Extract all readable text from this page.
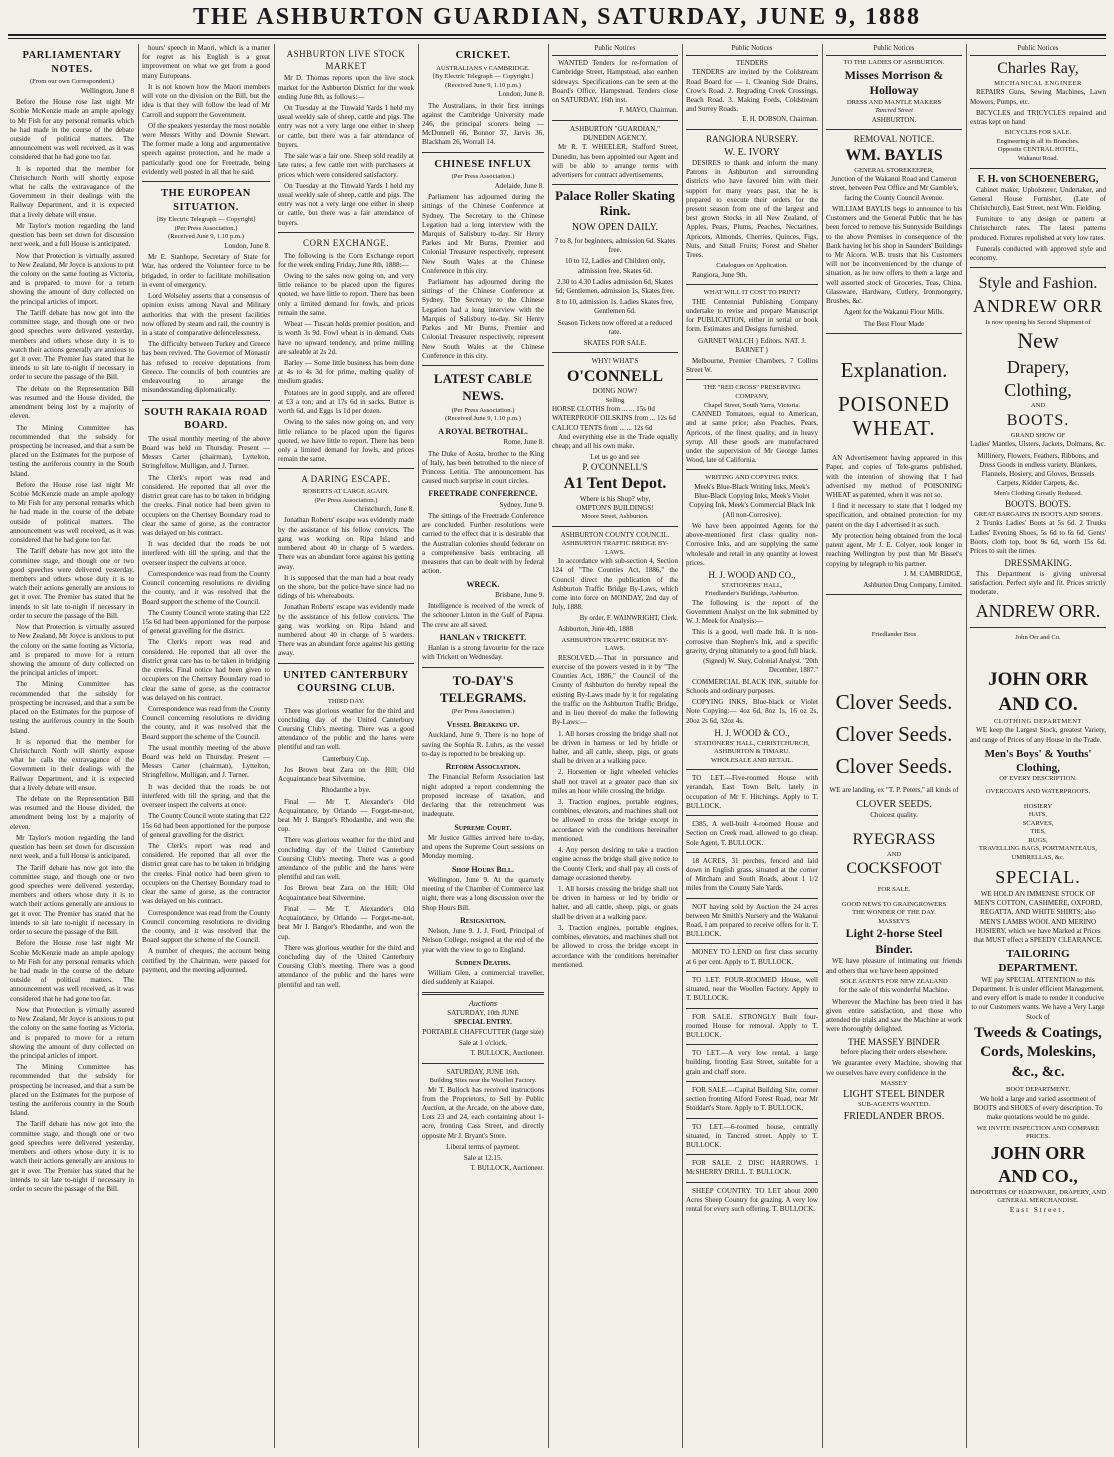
THE ASHBURTON GUARDIAN, SATURDAY, JUNE 9, 1888
PARLIAMENTARY NOTES.
(From our own Correspondent.)

Wellington, June 8

Before the House rose last night Mr Scobie McKenzie made an ample apology to Mr Fish for any personal remarks which he had made in the course of the debate outside of political matters. The announcement was well received, as it was considered that he had gone too far.

It is reported that the member for Christchurch North will shortly expose what he calls the extravagance of the Government in their dealings with the Railway Department, and it is expected that a lively debate will ensue.

Mr Taylor's motion regarding the land question has been set down for discussion next week, and a full House is anticipated.

Now that Protection is virtually assured to New Zealand, Mr Joyce is anxious to put the colony on the same footing as Victoria, and is prepared to move for a return showing the amount of duty collected on the principal articles of import.

The Tariff debate has now got into the committee stage, and though one or two good speeches were delivered yesterday, members and others whose duty it is to watch their actions generally are anxious to get it over. The Premier has stated that he intends to sit late to-night if necessary in order to secure the passage of the Bill.

The debate on the Representation Bill was resumed and the House divided, the amendment being lost by a majority of eleven.

The Mining Committee has recommended that the subsidy for prospecting be increased, and that a sum be placed on the Estimates for the purpose of testing the auriferous country in the South Island.

Before the House rose last night Mr Scobie McKenzie made an ample apology to Mr Fish for any personal remarks which he had made in the course of the debate outside of political matters. The announcement was well received, as it was considered that he had gone too far.

The Tariff debate has now got into the committee stage, and though one or two good speeches were delivered yesterday, members and others whose duty it is to watch their actions generally are anxious to get it over. The Premier has stated that he intends to sit late to-night if necessary in order to secure the passage of the Bill.

Now that Protection is virtually assured to New Zealand, Mr Joyce is anxious to put the colony on the same footing as Victoria, and is prepared to move for a return showing the amount of duty collected on the principal articles of import.

The Mining Committee has recommended that the subsidy for prospecting be increased, and that a sum be placed on the Estimates for the purpose of testing the auriferous country in the South Island.

It is reported that the member for Christchurch North will shortly expose what he calls the extravagance of the Government in their dealings with the Railway Department, and it is expected that a lively debate will ensue.

The debate on the Representation Bill was resumed and the House divided, the amendment being lost by a majority of eleven.

Mr Taylor's motion regarding the land question has been set down for discussion next week, and a full House is anticipated.

The Tariff debate has now got into the committee stage, and though one or two good speeches were delivered yesterday, members and others whose duty it is to watch their actions generally are anxious to get it over. The Premier has stated that he intends to sit late to-night if necessary in order to secure the passage of the Bill.

Before the House rose last night Mr Scobie McKenzie made an ample apology to Mr Fish for any personal remarks which he had made in the course of the debate outside of political matters. The announcement was well received, as it was considered that he had gone too far.

Now that Protection is virtually assured to New Zealand, Mr Joyce is anxious to put the colony on the same footing as Victoria, and is prepared to move for a return showing the amount of duty collected on the principal articles of import.

The Mining Committee has recommended that the subsidy for prospecting be increased, and that a sum be placed on the Estimates for the purpose of testing the auriferous country in the South Island.

The Tariff debate has now got into the committee stage, and though one or two good speeches were delivered yesterday, members and others whose duty it is to watch their actions generally are anxious to get it over. The Premier has stated that he intends to sit late to-night if necessary in order to secure the passage of the Bill.

hours' speech in Maori, which is a matter for regret as his English is a great improvement on what we get from a good many Europeans.

It is not known how the Maori members will vote on the division on the Bill, but the idea is that they will follow the lead of Mr Carroll and support the Government.

Of the speakers yesterday the most notable were Messrs Withy and Downie Stewart. The former made a long and argumentative speech against protection, and he made a particularly good one for Freetrade, being evidently well posted in all that he said.

THE EUROPEAN SITUATION.
[By Electric Telegraph — Copyright]
(Per Press Association.)
(Received June 9, 1.10 p.m.)

London, June 8.

Mr E. Stanhope, Secretary of State for War, has ordered the Volunteer force to be brigaded, in order to facilitate mobilisation in event of emergency.

Lord Wolseley asserts that a consensus of opinion exists among Naval and Military authorities that with the present facilities now offered by steam and rail, the country is in a state of comparative defencelessness.

The difficulty between Turkey and Greece has been revived. The Governor of Monastir has refused to receive deputations from Greece. The councils of both countries are endeavouring to arrange the misunderstanding diplomatically.

SOUTH RAKAIA ROAD BOARD.

The usual monthly meeting of the above Board was held on Thursday. Present — Messrs Carter (chairman), Lyttelton, Stringfellow, Mulligan, and J. Turner.

The Clerk's report was read and considered. He reported that all over the district great care has to be taken in bridging the creeks. Final notice had been given to occupiers on the Chertsey Boundary road to clear the same of gorse, as the contractor was delayed on his contract.

It was decided that the roads be not interfered with till the spring, and that the overseer inspect the culverts at once.

Correspondence was read from the County Council concerning resolutions re dividing the county, and it was resolved that the Board support the scheme of the Council.

The County Council wrote stating that £22 15s 6d had been apportioned for the purpose of general gravelling for the district.

The Clerk's report was read and considered. He reported that all over the district great care has to be taken in bridging the creeks. Final notice had been given to occupiers on the Chertsey Boundary road to clear the same of gorse, as the contractor was delayed on his contract.

Correspondence was read from the County Council concerning resolutions re dividing the county, and it was resolved that the Board support the scheme of the Council.

The usual monthly meeting of the above Board was held on Thursday. Present — Messrs Carter (chairman), Lyttelton, Stringfellow, Mulligan, and J. Turner.

It was decided that the roads be not interfered with till the spring, and that the overseer inspect the culverts at once.

The County Council wrote stating that £22 15s 6d had been apportioned for the purpose of general gravelling for the district.

The Clerk's report was read and considered. He reported that all over the district great care has to be taken in bridging the creeks. Final notice had been given to occupiers on the Chertsey Boundary road to clear the same of gorse, as the contractor was delayed on his contract.

Correspondence was read from the County Council concerning resolutions re dividing the county, and it was resolved that the Board support the scheme of the Council.

A number of cheques, the account being certified by the Chairman, were passed for payment, and the meeting adjourned.

ASHBURTON LIVE STOCK MARKET

Mr D. Thomas reports upon the live stock market for the Ashburton District for the week ending June 8th, as follows:—

On Tuesday at the Tinwald Yards I held my usual weekly sale of sheep, cattle and pigs. The entry was not a very large one either in sheep or cattle, but there was a fair attendance of buyers.

The sale was a fair one. Sheep sold readily at late rates; a few cattle met with purchasers at prices which were considered satisfactory.

On Tuesday at the Tinwald Yards I held my usual weekly sale of sheep, cattle and pigs. The entry was not a very large one either in sheep or cattle, but there was a fair attendance of buyers.

CORN EXCHANGE.

The following is the Corn Exchange report for the week ending Friday, June 8th, 1888:—

Owing to the sales now going on, and very little reliance to be placed upon the figures quoted, we have little to report. There has been only a limited demand for fowls, and prices remain the same.

Wheat — Tuscan holds premier position, and is worth 3s 9d. Fowl wheat is in demand. Oats have no upward tendency, and prime milling are saleable at 2s 2d.

Barley — Some little business has been done at 4s to 4s 3d for prime, malting quality of medium grades.

Potatoes are in good supply, and are offered at £3 a ton; and at 17s 6d in sacks. Butter is worth 6d, and Eggs 1s 1d per dozen.

Owing to the sales now going on, and very little reliance to be placed upon the figures quoted, we have little to report. There has been only a limited demand for fowls, and prices remain the same.

A DARING ESCAPE.
ROBERTS AT LARGE AGAIN.
(Per Press Association.)

Christchurch, June 8.

Jonathan Roberts' escape was evidently made by the assistance of his fellow convicts. The gang was working on Ripa Island and numbered about 40 in charge of 5 warders. There was an abundant force against his getting away.

It is supposed that the man had a boat ready on the shore, but the police have since had no tidings of his whereabouts.

Jonathan Roberts' escape was evidently made by the assistance of his fellow convicts. The gang was working on Ripa Island and numbered about 40 in charge of 5 warders. There was an abundant force against his getting away.

UNITED CANTERBURY COURSING CLUB.
THIRD DAY.

There was glorious weather for the third and concluding day of the United Canterbury Coursing Club's meeting. There was a good attendance of the public and the hares were plentiful and ran well.

Canterbury Cup.

Jos Brown beat Zara on the Hill; Old Acquaintance beat Silvermine.

Rhodanthe a bye.

Final — Mr T. Alexander's Old Acquaintance, by Orlando — Forget-me-not, beat Mr J. Bangor's Rhodanthe, and won the cup.

There was glorious weather for the third and concluding day of the United Canterbury Coursing Club's meeting. There was a good attendance of the public and the hares were plentiful and ran well.

Jos Brown beat Zara on the Hill; Old Acquaintance beat Silvermine.

Final — Mr T. Alexander's Old Acquaintance, by Orlando — Forget-me-not, beat Mr J. Bangor's Rhodanthe, and won the cup.

There was glorious weather for the third and concluding day of the United Canterbury Coursing Club's meeting. There was a good attendance of the public and the hares were plentiful and ran well.

CRICKET.
AUSTRALIANS v CAMBRIDGE.
[By Electric Telegraph — Copyright.]
(Received June 9, 1.10 p.m.)

London, June 8.

The Australians, in their first innings against the Cambridge University made 246, the principal scorers being — McDonnell 66, Bonnor 37, Jarvis 36, Blackham 26, Worrall 14.

CHINESE INFLUX
(Per Press Association.)

Adelaide, June 8.

Parliament has adjourned during the sittings of the Chinese Conference at Sydney. The Secretary to the Chinese Legation had a long interview with the Marquis of Salisbury to-day. Sir Henry Parkes and Mr Burns, Premier and Colonial Treasurer respectively, represent New South Wales at the Chinese Conference in this city.

Parliament has adjourned during the sittings of the Chinese Conference at Sydney. The Secretary to the Chinese Legation had a long interview with the Marquis of Salisbury to-day. Sir Henry Parkes and Mr Burns, Premier and Colonial Treasurer respectively, represent New South Wales at the Chinese Conference in this city.

LATEST CABLE NEWS.
(Per Press Association.)
(Received June 9, 1.10 p.m.)
A ROYAL BETROTHAL.

Rome, June 8.

The Duke of Aosta, brother to the King of Italy, has been betrothed to the niece of Princess Letitia. The announcement has caused much surprise in court circles.

FREETRADE CONFERENCE.

Sydney, June 9.

The sittings of the Freetrade Conference are concluded. Further resolutions were carried to the effect that it is desirable that the Australian colonies should federate on a comprehensive basis embracing all measures that can be dealt with by federal action.

WRECK.

Brisbane, June 9.

Intelligence is received of the wreck of the schooner Linton in the Gulf of Papua. The crew are all saved.

HANLAN v TRICKETT.

Hanlan is a strong favourite for the race with Trickett on Wednesday.

TO-DAY'S TELEGRAMS.
(Per Press Association.)
Vessel Breaking up.

Auckland, June 9. There is no hope of saving the Sophia R. Luhrs, as the vessel to-day is reported to be breaking up.

Reform Association.

The Financial Reform Association last night adopted a report condemning the proposed increase of taxation, and declaring that the retrenchment was inadequate.

Supreme Court.

Mr Justice Gillies arrived here to-day, and opens the Supreme Court sessions on Monday morning.

Shop Hours Bill.

Wellington, June 9. At the quarterly meeting of the Chamber of Commerce last night, there was a long discussion over the Shop Hours Bill.

Resignation.

Nelson, June 9. J. J. Ford, Principal of Nelson College, resigned at the end of the year with the view to go to England.

Sudden Deaths.

William Glen, a commercial traveller, died suddenly at Kaiapoi.

Auctions
SATURDAY, 10th JUNE
SPECIAL ENTRY.

PORTABLE CHAFFCUTTER (large size)

Sale at 1 o'clock.

T. BULLOCK, Auctioneer.

SATURDAY, JUNE 16th.
Building Sites near the Woollen Factory.

Mr T. Bullock has received instructions from the Proprietors, to Sell by Public Auction, at the Arcade, on the above date, Lots 23 and 24, each containing about 1-acre, fronting Cass Street, and directly opposite Mr J. Bryant's Store.

Liberal terms of payment.

Sale at 12.15.

T. BULLOCK, Auctioneer.

Public Notices

WANTED Tenders for re-formation of Cambridge Street, Hampstead, also earthen sideways. Specifications can be seen at the Board's Office, Hampstead. Tenders close on SATURDAY, 16th inst.

F. MAYO, Chairman.

ASHBURTON "GUARDIAN,"
DUNEDIN AGENCY.

Mr R. T. WHEELER, Stafford Street, Dunedin, has been appointed our Agent and will be able to arrange terms with advertisers for contract advertisements.

Palace Roller Skating Rink.
NOW OPEN DAILY.

7 to 8, for beginners, admission 6d. Skates free.

10 to 12, Ladies and Children only, admission free, Skates 6d.

2.30 to 4.30 Ladies admission 6d, Skates 6d; Gentlemen, admission 1s, Skates free.

8 to 10, admission 1s. Ladies Skates free, Gentlemen 6d.

Season Tickets now offered at a reduced rate.

SKATES FOR SALE.
WHY! WHAT'S
O'CONNELL
DOING NOW?
Selling
HORSE CLOTHS from ... ... 15s 0d
WATERPROOF OILSKINS from ... 12s 6d
CALICO TENTS from ... ... 12s 6d

And everything else in the Trade equally cheap; and all his own make.

Let us go and see
P. O'CONNELL'S
A1 Tent Depot.
Where is his Shop? why,
OMPTON'S BUILDINGS!
Moore Street, Ashburton.
ASHBURTON COUNTY COUNCIL.
ASHBURTON TRAFFIC BRIDGE BY-LAWS.

In accordance with sub-section 4, Section 124 of "The Counties Act, 1886," the Council direct the publication of the Ashburton Traffic Bridge By-Laws, which come into force on MONDAY, 2nd day of July, 1888.

By order, F. WAINWRIGHT, Clerk.

Ashburton, June 4th, 1888

ASHBURTON TRAFFIC BRIDGE BY-LAWS.

RESOLVED.—That in pursuance and exercise of the powers vested in it by "The Counties Act, 1886," the Council of the County of Ashburton do hereby repeal the existing By-Laws made by it for regulating the traffic on the Ashburton Traffic Bridge, and in lieu thereof do make the following By-Laws:—

1. All horses crossing the bridge shall not be driven in harness or led by bridle or halter, and all cattle, sheep, pigs, or goats shall be driven at a walking pace.

2. Horsemen or light wheeled vehicles shall not travel at a greater pace than six miles an hour while crossing the bridge.

3. Traction engines, portable engines, combines, elevators, and machines shall not be allowed to cross the bridge except in accordance with the conditions hereinafter mentioned.

4. Any person desiring to take a traction engine across the bridge shall give notice to the County Clerk, and shall pay all costs of damage occasioned thereby.

1. All horses crossing the bridge shall not be driven in harness or led by bridle or halter, and all cattle, sheep, pigs, or goats shall be driven at a walking pace.

3. Traction engines, portable engines, combines, elevators, and machines shall not be allowed to cross the bridge except in accordance with the conditions hereinafter mentioned.

Public Notices
TENDERS

TENDERS are invited by the Coldstream Road Board for — 1. Cleaning Side Drains, Crow's Road. 2. Regrading Creek Crossings, Beach Road. 3. Making Fords, Coldstream and Surrey Roads.

E. H. DOBSON, Chairman.

RANGIORA NURSERY.
W. E. IVORY

DESIRES to thank and inform the many Patrons in Ashburton and surrounding districts who have favored him with their support for many years past, that he is prepared to execute their orders for the present season from one of the largest and best grown Stocks in all New Zealand, of Apples, Pears, Plums, Peaches, Nectarines, Apricots, Almonds, Cherries, Quinces, Figs, Nuts, and Small Fruits; Forest and Shelter Trees.

Catalogues on Application.

Rangiora, June 9th.

WHAT WILL IT COST TO PRINT?

THE Centennial Publishing Company undertake to revise and prepare Manuscript for PUBLICATION, either in serial or book form. Estimates and Designs furnished.

GARNET WALCH } Editors. NAT. J. BARNET }

Melbourne, Premier Chambers, 7 Collins Street W.

THE "RED CROSS" PRESERVING COMPANY,
Chapel Street, South Yarra, Victoria.

CANNED Tomatoes, equal to American, and at same price; also Peaches, Pears, Apricots, of the finest quality, and in heavy syrup. All these goods are manufactured under the supervision of Mr George James Wood, late of California.

WRITING AND COPYING INKS.

Meek's Blue-Black Writing Inks, Meek's Blue-Black Copying Inks, Meek's Violet Copying Ink, Meek's Commercial Black Ink (All non-Corrosive).

We have been appointed Agents for the above-mentioned first class quality non-Corrosive Inks, and are supplying the same wholesale and retail in any quantity at lowest prices.

H. J. WOOD AND CO.,
STATIONERS' HALL,
Friedlander's Buildings, Ashburton.

The following is the report of the Government Analyst on the Ink submitted by W. J. Meek for Analysis:—

This is a good, well made Ink. It is non-corrosive than Stephen's Ink, and a specific gravity, drying ultimately to a good full black.

(Signed) W. Skey, Colonial Analyst. "20th December, 1887."

COMMERCIAL BLACK INK, suitable for Schools and ordinary purposes.

COPYING INKS, Blue-black or Violet Note Copying:— 4oz 6d, 8oz 1s, 16 oz 2s, 20oz 2s 6d, 32oz 4s.

H. J. WOOD & CO.,
STATIONERS' HALL, CHRISTCHURCH, ASHBURTON & TIMARU.
WHOLESALE AND RETAIL.

TO LET.—Five-roomed House with verandah, East Town Belt, lately in occupation of Mr F. Hitchings. Apply to T. BULLOCK.

£385, A well-built 4-roomed House and Section on Creek road, allowed to go cheap. Sole Agent, T. BULLOCK.

18 ACRES, 31 perches, fenced and laid down in English grass, situated at the corner of Mitcham and South Roads, about 1 1/2 miles from the County Sale Yards.

NOT having sold by Auction the 24 acres between Mr Smith's Nursery and the Wakanui Road, I am prepared to receive offers for it. T. BULLOCK.

MONEY TO LEND on first class security at 6 per cent. Apply to T. BULLOCK.

TO LET. FOUR-ROOMED House, well situated, near the Woollen Factory. Apply to T. BULLOCK.

FOR SALE. STRONGLY Built four-roomed House for removal. Apply to T. BULLOCK.

TO LET.—A very low rental, a large building, fronting East Street, suitable for a grain and chaff store.

FOR SALE.—Capital Building Site, corner section fronting Alford Forest Road, near Mr Stoddart's Store. Apply to T. BULLOCK.

TO LET.—6-roomed house, centrally situated, in Tancred street. Apply to T. BULLOCK.

FOR SALE. 2 DISC HARROWS. 1 McSHERRY DRILL. T. BULLOCK.

SHEEP COUNTRY. TO LET about 2000 Acres Sheep Country for grazing. A very low rental for every such offering. T. BULLOCK.

Public Notices
TO THE LADIES OF ASHBURTON.
Misses Morrison & Holloway
DRESS AND MANTLE MAKERS
Tancred Street
ASHBURTON.
REMOVAL NOTICE.
WM. BAYLIS
GENERAL STOREKEEPER,

Junction of the Wakanui Road and Cameron street, between Post Office and Mr Gamble's, facing the County Council Avenue.

WILLIAM BAYLIS begs to announce to his Customers and the General Public that he has been forced to remove his Sunnyside Buildings to the above Premises in consequence of the Bank having let his shop in Saunders' Buildings to Mr Alcorn. W.B. trusts that his Customers will not be inconvenienced by the change of situation, as he now offers to them a large and well assorted stock of Groceries, Teas, China, Glassware, Hardware, Cutlery, Ironmongery, Brushes, &c.

Agent for the Wakanui Flour Mills.

The Best Flour Made

Explanation.
POISONED WHEAT.

AN Advertisement having appeared in this Paper, and copies of Tele-grams published, with the intention of showing that I had advertised my method of POISONING WHEAT as patented, when it was not so.

I find it necessary to state that I lodged my specification, and obtained protection for my patent on the day I advertised it as such.

My protection being obtained from the local patent agent, Mr J. E. Colyer, took longer in reaching Wellington by post than Mr Bisset's copying by telegraph to his partner.

J. M. CAMBRIDGE,

Ashburton Drug Company, Limited.

Friedlander Bros
Clover Seeds.
Clover Seeds.
Clover Seeds.

WE are landing, ex "T. P. Peters," all kinds of

CLOVER SEEDS.

Choicest quality.

RYEGRASS
AND
COCKSFOOT
FOR SALE.
GOOD NEWS TO GRAINGROWERS
THE WONDER OF THE DAY.
MASSEY'S
Light 2-horse Steel Binder.

WE have pleasure of intimating our friends and others that we have been appointed

SOLE AGENTS FOR NEW ZEALAND

for the sale of this wonderful Machine.

Wherever the Machine has been tried it has given entire satisfaction, and those who attended the trials and saw the Machine at work were thoroughly delighted.

THE MASSEY BINDER

before placing their orders elsewhere.

We guarantee every Machine, showing that we ourselves have every confidence in the

MASSEY
LIGHT STEEL BINDER
SUB-AGENTS WANTED.
FRIEDLANDER BROS.
Public Notices
Charles Ray,
MECHANICAL ENGINEER

REPAIRS Guns, Sewing Machines, Lawn Mowers, Pumps, etc.

BICYCLES and TRICYCLES repaired and extras kept on hand

BICYCLES FOR SALE.
Engineering in all its Branches.
Opposite CENTRAL HOTEL,
Wakanui Road.
F. H. von SCHOENEBERG,

Cabinet maker, Upholsterer, Undertaker, and General House Furnisher, (Late of Christchurch), East Street, next Wm. Fielding.

Furniture to any design or pattern at Christchurch rates. The latest patterns produced. Fixtures repolished at very low rates.

Funerals conducted with approved style and economy.

Style and Fashion.
ANDREW ORR
Is now opening his Second Shipment of
New
Drapery,
Clothing,
AND
BOOTS.
GRAND SHOW OF

Ladies' Mantles, Ulsters, Jackets, Dolmans, &c.

Millinery, Flowers, Feathers, Ribbons, and Dress Goods in endless variety. Blankets, Flannels, Hosiery, and Gloves, Brussels Carpets, Kidder Carpets, &c.

Men's Clothing Greatly Reduced.
BOOTS. BOOTS.
GREAT BARGAINS IN BOOTS AND SHOES.

2 Trunks Ladies' Boots at 5s 6d. 2 Trunks Ladies' Evening Shoes, 5s 6d to 6s 6d. Gents' Boots, cloth top, boot 9s 6d, worth 15s 6d. Prices to suit the times.

DRESSMAKING.

This Department is giving universal satisfaction. Perfect style and fit. Prices strictly moderate.

ANDREW ORR.
John Orr and Co.
JOHN ORR AND CO.
CLOTHING DEPARTMENT

WE keep the Largest Stock, greatest Variety, and range of Prices of any House in the Trade.

Men's Boys' & Youths' Clothing,
OF EVERY DESCRIPTION.
OVERCOATS AND WATERPROOFS.
HOSIERY
HATS,
SCARVES,
TIES,
RUGS,
TRAVELLING BAGS, PORTMANTEAUS, UMBRELLAS, &c.
SPECIAL.

WE HOLD AN IMMENSE STOCK OF MEN'S COTTON, CASHMERE, OXFORD, REGATTA, AND WHITE SHIRTS; also MEN'S LAMBS WOOL AND MERINO HOSIERY, which we have Marked at Prices that MUST effect a SPEEDY CLEARANCE.

TAILORING DEPARTMENT.

WE pay SPECIAL ATTENTION to this Department. It is under efficient Management, and every effort is made to render it conducive to our Customers wants. We have a Very Large Stock of

Tweeds & Coatings,
Cords, Moleskins,
&c., &c.
BOOT DEPARTMENT.

We hold a large and varied assortment of BOOTS and SHOES of every description. To make quotations would be no guide.

WE INVITE INSPECTION AND COMPARE PRICES.
JOHN ORR AND CO.,
IMPORTERS OF HARDWARE, DRAPERY, AND GENERAL MERCHANDISE.
East Street.
